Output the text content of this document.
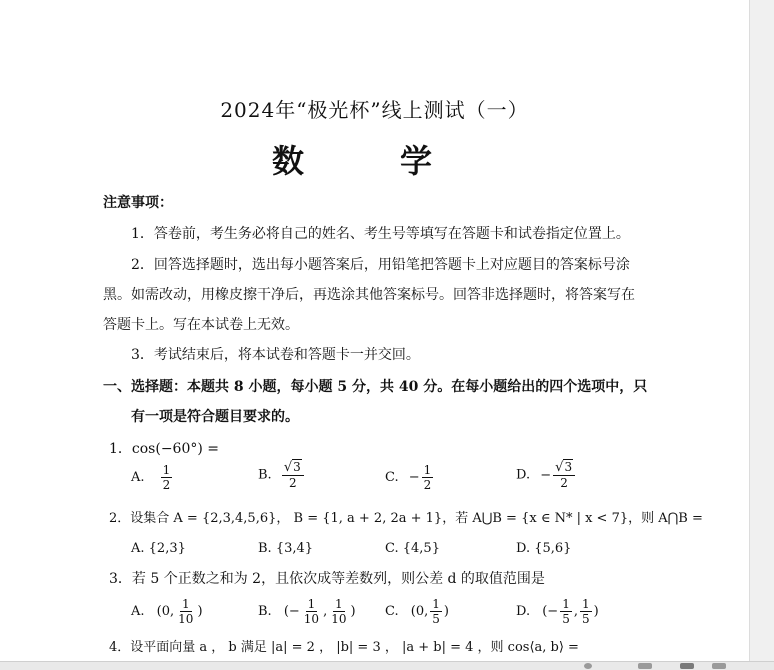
2024年“极光杯”线上测试（一）
数　学
注意事项：
1．答卷前，考生务必将自己的姓名、考生号等填写在答题卡和试卷指定位置上。
2．回答选择题时，选出每小题答案后，用铅笔把答题卡上对应题目的答案标号涂
黑。如需改动，用橡皮擦干净后，再选涂其他答案标号。回答非选择题时，将答案写在
答题卡上。写在本试卷上无效。
3．考试结束后，将本试卷和答题卡一并交回。
一、选择题：本题共 8 小题，每小题 5 分，共 40 分。在每小题给出的四个选项中，只
有一项是符合题目要求的。
1．cos(−60°) =
A. $\frac{1}{2}$	B. $\frac{√3}{2}$	C. − $\frac{1}{2}$	D. − $\frac{√3}{2}$
2．设集合 A = {2,3,4,5,6}， B = {1, a + 2, 2a + 1}，若 A⋃B = {x ∈ N* | x < 7}，则 A⋂B =
A. {2,3}	B. {3,4}	C. {4,5}	D. {5,6}
3．若 5 个正数之和为 2，且依次成等差数列，则公差 d 的取值范围是
A. (0, $\frac{1}{10}$ )	B. (− $\frac{1}{10}$ , $\frac{1}{10}$ ) C. (0, $\frac{1}{5}$ )	D. (− $\frac{1}{5}$ , $\frac{1}{5}$ )
4．设平面向量 a ， b 满足 |a| = 2 ， |b| = 3 ， |a + b| = 4 ，则 cos⟨a, b⟩ =
